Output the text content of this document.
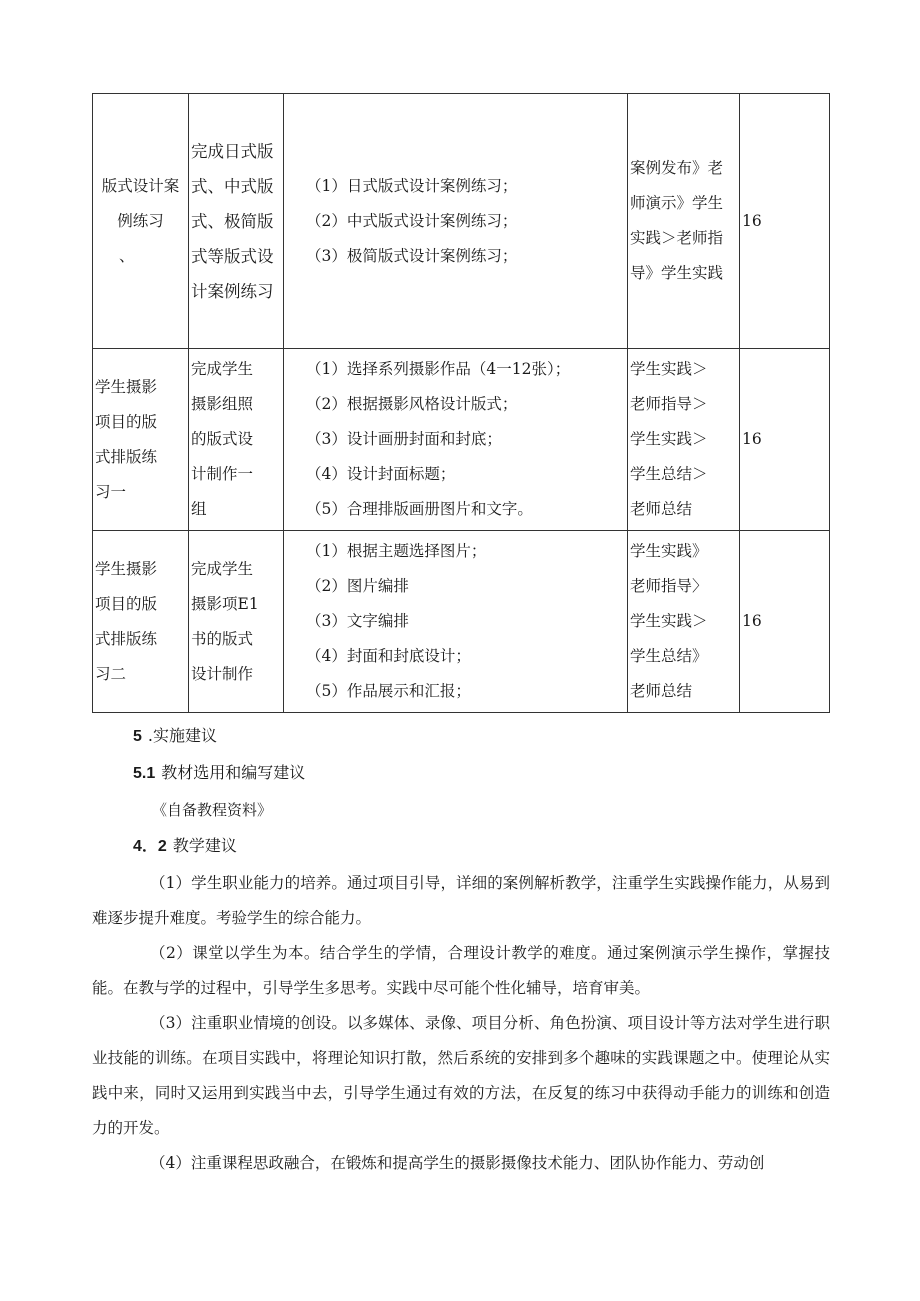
版式设计案
例练习
、	完成日式版
式、中式版
式、极简版
式等版式设
计案例练习	（1）日式版式设计案例练习；
（2）中式版式设计案例练习；
（3）极简版式设计案例练习；	案例发布》老
师演示》学生
实践＞老师指
导》学生实践	16

学生摄影
项目的版
式排版练
习一	完成学生
摄影组照
的版式设
计制作一
组	（1）选择系列摄影作品（4一12张）；
（2）根据摄影风格设计版式；
（3）设计画册封面和封底；
（4）设计封面标题；
（5）合理排版画册图片和文字。	学生实践＞
老师指导＞
学生实践＞
学生总结＞
老师总结	16

学生摄影
项目的版
式排版练
习二	完成学生
摄影项E1
书的版式
设计制作	（1）根据主题选择图片；
（2）图片编排
（3）文字编排
（4）封面和封底设计；
（5）作品展示和汇报；	学生实践》
老师指导〉
学生实践＞
学生总结》
老师总结	16
5 .实施建议
5.1 教材选用和编写建议
《自备教程资料》
4．2 教学建议

（1）学生职业能力的培养。通过项目引导，详细的案例解析教学，注重学生实践操作能力，从易到难逐步提升难度。考验学生的综合能力。

（2）课堂以学生为本。结合学生的学情，合理设计教学的难度。通过案例演示学生操作，掌握技能。在教与学的过程中，引导学生多思考。实践中尽可能个性化辅导，培育审美。

（3）注重职业情境的创设。以多媒体、录像、项目分析、角色扮演、项目设计等方法对学生进行职业技能的训练。在项目实践中，将理论知识打散，然后系统的安排到多个趣味的实践课题之中。使理论从实践中来，同时又运用到实践当中去，引导学生通过有效的方法，在反复的练习中获得动手能力的训练和创造力的开发。

（4）注重课程思政融合，在锻炼和提高学生的摄影摄像技术能力、团队协作能力、劳动创
